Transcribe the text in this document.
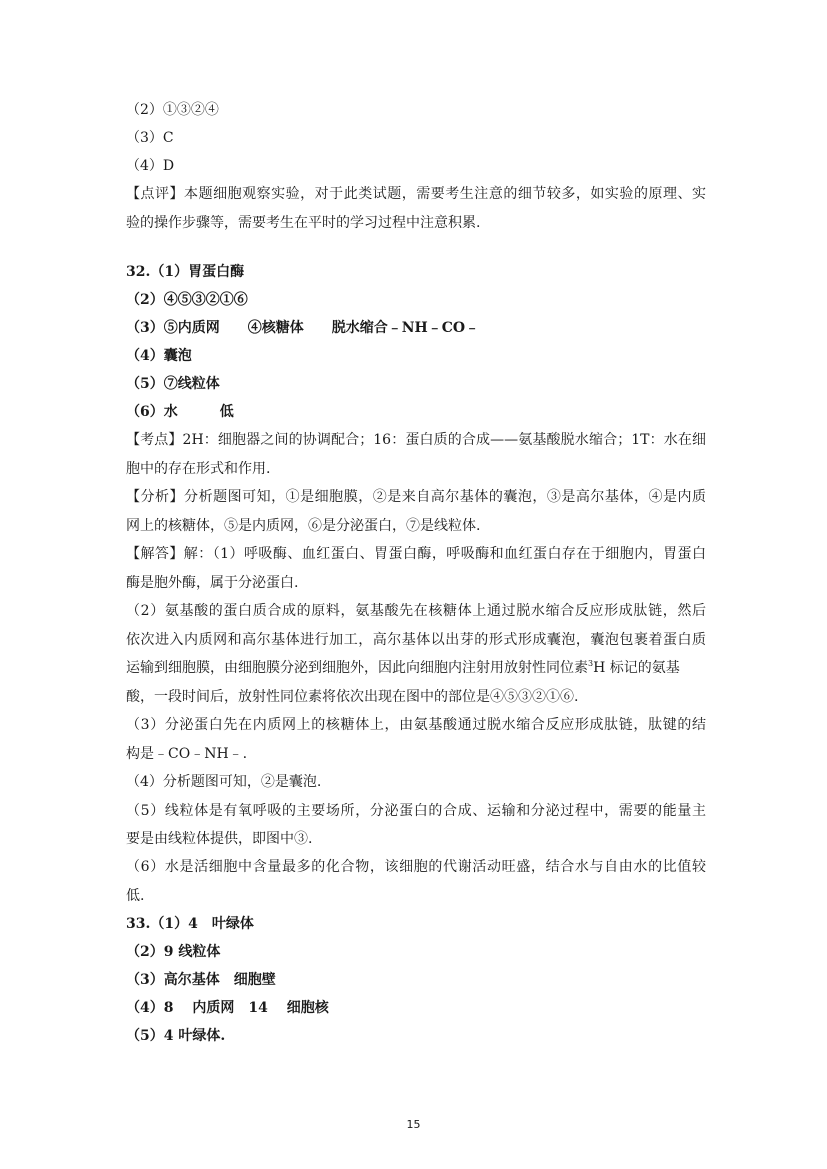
（2）①③②④
（3）C
（4）D
【点评】本题细胞观察实验，对于此类试题，需要考生注意的细节较多，如实验的原理、实
验的操作步骤等，需要考生在平时的学习过程中注意积累.
32.（1）胃蛋白酶
（2）④⑤③②①⑥
（3）⑤内质网　　④核糖体　　脱水缩合﹣NH﹣CO﹣
（4）囊泡
（5）⑦线粒体
（6）水　　　低
【考点】2H：细胞器之间的协调配合；16：蛋白质的合成——氨基酸脱水缩合；1T：水在细
胞中的存在形式和作用.
【分析】分析题图可知，①是细胞膜，②是来自高尔基体的囊泡，③是高尔基体，④是内质
网上的核糖体，⑤是内质网，⑥是分泌蛋白，⑦是线粒体.
【解答】解：（1）呼吸酶、血红蛋白、胃蛋白酶，呼吸酶和血红蛋白存在于细胞内，胃蛋白
酶是胞外酶，属于分泌蛋白.
（2）氨基酸的蛋白质合成的原料，氨基酸先在核糖体上通过脱水缩合反应形成肽链，然后
依次进入内质网和高尔基体进行加工，高尔基体以出芽的形式形成囊泡，囊泡包裹着蛋白质
运输到细胞膜，由细胞膜分泌到细胞外，因此向细胞内注射用放射性同位素$^3$H 标记的氨基
酸，一段时间后，放射性同位素将依次出现在图中的部位是④⑤③②①⑥.
（3）分泌蛋白先在内质网上的核糖体上，由氨基酸通过脱水缩合反应形成肽链，肽键的结
构是﹣CO﹣NH﹣.
（4）分析题图可知，②是囊泡.
（5）线粒体是有氧呼吸的主要场所，分泌蛋白的合成、运输和分泌过程中，需要的能量主
要是由线粒体提供，即图中③.
（6）水是活细胞中含量最多的化合物，该细胞的代谢活动旺盛，结合水与自由水的比值较
低.
33.（1）4　叶绿体
（2）9 线粒体
（3）高尔基体　细胞壁
（4）8　 内质网　14　 细胞核
（5）4 叶绿体.
15
